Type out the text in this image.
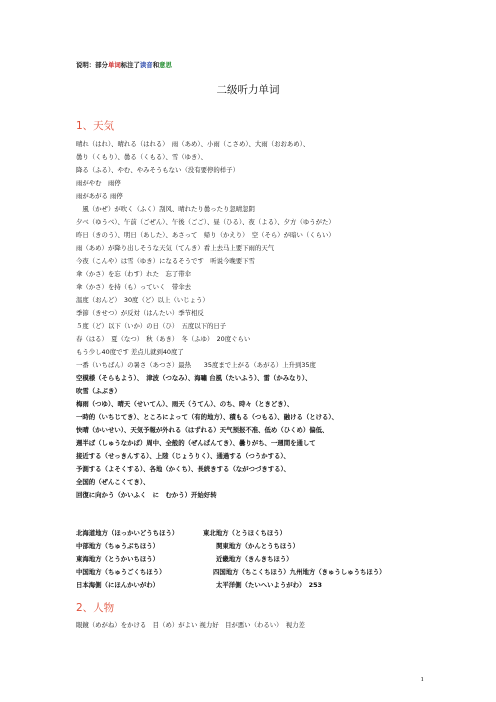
说明：部分单词标注了读音和意思
二级听力单词
1、天気
晴れ（はれ）、晴れる（はれる）　雨（あめ）、小雨（こさめ）、大雨（おおあめ）、
曇り（くもり）、曇る（くもる）、雪（ゆき）、
降る（ふる）、やむ、やみそうもない（没有要停的样子）
雨がやむ　雨停
雨があがる 雨停
　風（かぜ）が吹く（ふく）刮风、晴れたり曇ったり忽晴忽阴
夕べ（ゆうべ）、午前（ごぜん）、午後（ごご）、昼（ひる）、夜（よる）、夕方（ゆうがた）
昨日（きのう）、明日（あした）、あさって　帰り（かえり）　空（そら）が暗い（くらい）
雨（あめ）が降り出しそうな天気（てんき）看上去马上要下雨的天气
今夜（こんや）は雪（ゆき）になるそうです　听说今晚要下雪
傘（かさ）を忘（わす）れた　忘了带伞
傘（かさ）を持（も）っていく　带伞去
温度（おんど）　30度（ど）以上（いじょう）
季節（きせつ）が反対（はんたい）季节相反
５度（ど）以下（いか）の日（ひ）　五度以下的日子
春（はる）　夏（なつ）　秋（あき）　冬（ふゆ）　20度ぐらい
もう少し40度です 差点儿就到40度了
一番（いちばん）の暑さ（あつさ）最热　　35度まで上がる（あがる）上升到35度
空模様（そらもよう）、　津波（つなみ）、海嘯 台風（たいふう）、雷（かみなり）、
吹雪（ふぶき）
梅雨（つゆ）、晴天（せいてん）、雨天（うてん）、のち、時々（ときどき）、
一時的（いちじてき）、ところによって（有的地方）、積もる（つもる）、融ける（とける）、
快晴（かいせい）、天気予報が外れる（はずれる）天气预报不准、低め（ひくめ）偏低、
週半ば（しゅうなかば）周中、全般的（ぜんぱんてき）、曇りがち、一週間を通して
接近する（せっきんする）、上陸（じょうりく）、通過する（つうかする）、
予測する（よそくする）、各地（かくち）、長続きする（ながつづきする）、
全国的（ぜんこくてき）、
回復に向かう（かいふく　に　むかう）开始好转
北海道地方（ほっかいどうちほう）	東北地方（とうほくちほう）
中部地方（ちゅうぶちほう）	関東地方（かんとうちほう）
東海地方（とうかいちほう）	近畿地方（きんきちほう）
中国地方（ちゅうごくちほう）	四国地方（ちこくちほう）九州地方（きゅうしゅうちほう）
日本海側（にほんかいがわ）	太平洋側（たいへいようがわ）　253
2、人物
眼鏡（めがね）をかける　目（め）がよい 视力好　目が悪い（わるい）　视力差
1
